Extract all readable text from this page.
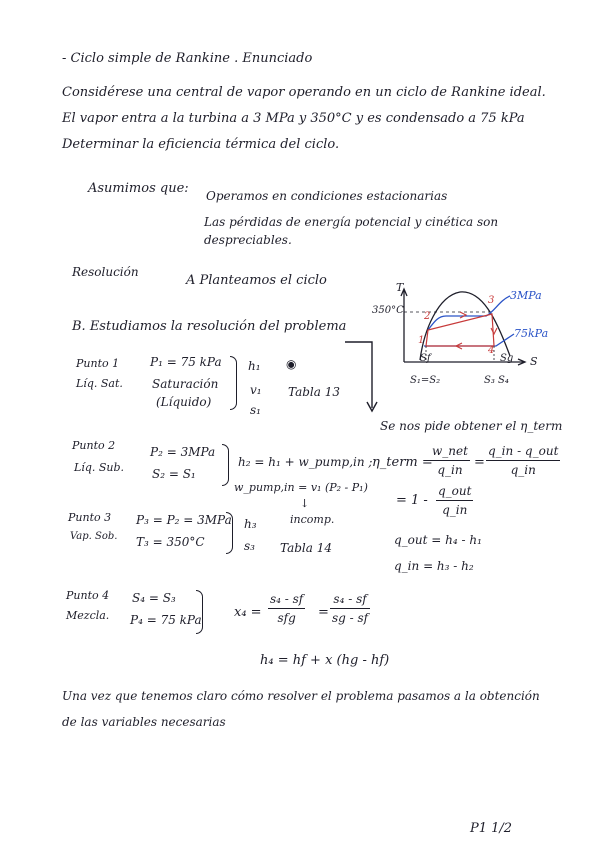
- Ciclo simple de Rankine . Enunciado
Considérese una central de vapor operando en un ciclo de Rankine ideal.
El vapor entra a la turbina a 3 MPa y 350°C y es condensado a 75 kPa
Determinar la eficiencia térmica del ciclo.
Asumimos que: Operamos en condiciones estacionarias
Las pérdidas de energía potencial y cinética son
despreciables.
Resolución
A Planteamos el ciclo
B. Estudiamos la resolución del problema
T
350°C
S
S₁=S₂	S₃ S₄
3MPa
75kPa
3
2
1
4
Sf	Sg
Punto 1
Líq. Sat.
P₁ = 75 kPa
Saturación
(Líquido)
h₁ ◉
v₁
s₁
Tabla 13
Punto 2
Líq. Sub.
P₂ = 3MPa
S₂ = S₁
h₂ = h₁ + w_pump,in ;
w_pump,in = v₁ (P₂ - P₁)
↓
incomp.
Punto 3
Vap. Sob.
P₃ = P₂ = 3MPa
T₃ = 350°C
h₃
s₃ Tabla 14
Punto 4
Mezcla.
S₄ = S₃
P₄ = 75 kPa x₄ =
s₄ - sf
sfg	= $\frac{\text{s₄ - sf}}{sg - sf}$
h₄ = hf + x (hg - hf)
Se nos pide obtener el η_term
η_term =
w_net
q_in =
q_in - q_out
q_in
= 1 -
q_out
q_in
q_out = h₄ - h₁
q_in = h₃ - h₂
Una vez que tenemos claro cómo resolver el problema pasamos a la obtención
de las variables necesarias
P1 1/2
